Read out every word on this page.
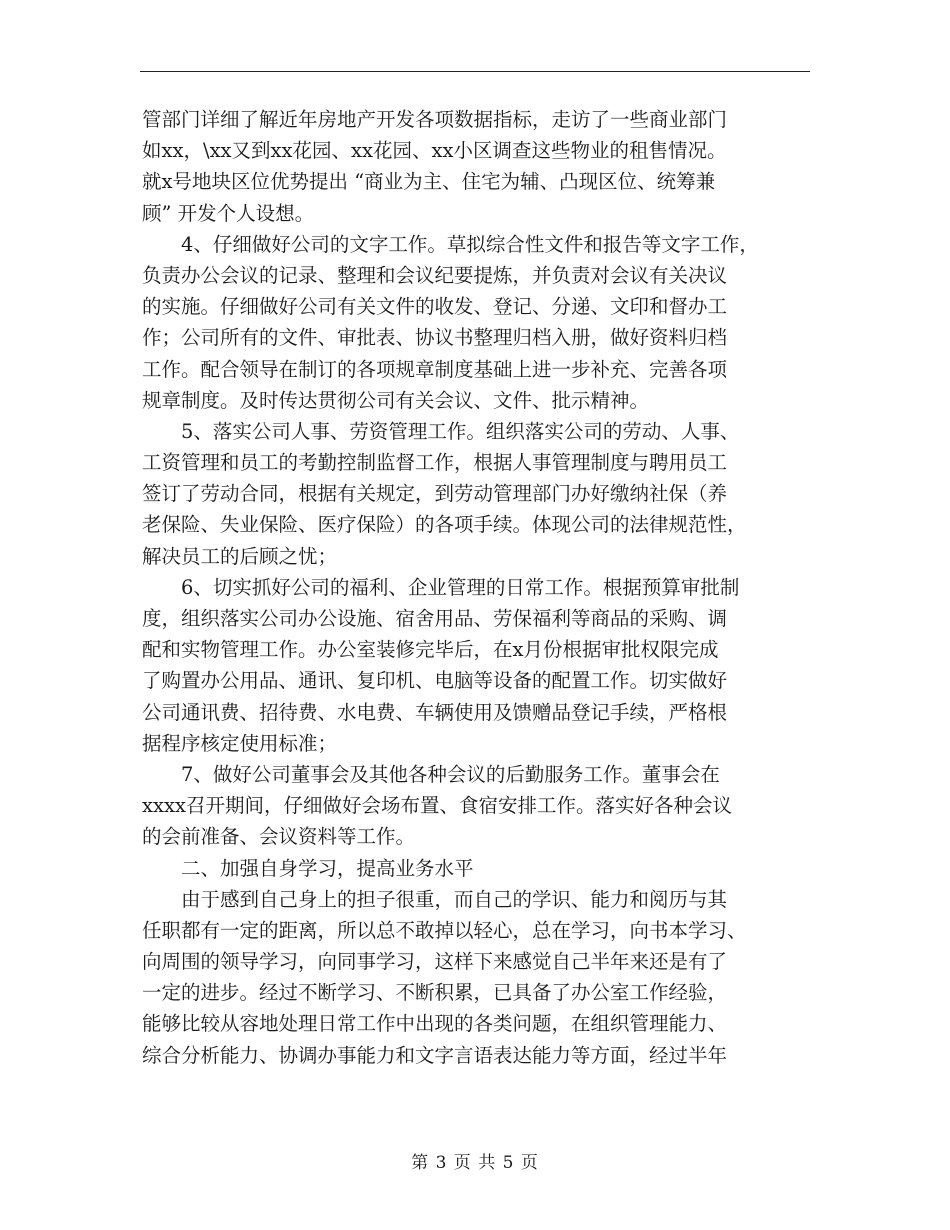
管部门详细了解近年房地产开发各项数据指标，走访了一些商业部门
如xx，\xx又到xx花园、xx花园、xx小区调查这些物业的租售情况。
就x号地块区位优势提出 “商业为主、住宅为辅、凸现区位、统筹兼
顾” 开发个人设想。
　　4、仔细做好公司的文字工作。草拟综合性文件和报告等文字工作，
负责办公会议的记录、整理和会议纪要提炼，并负责对会议有关决议
的实施。仔细做好公司有关文件的收发、登记、分递、文印和督办工
作；公司所有的文件、审批表、协议书整理归档入册，做好资料归档
工作。配合领导在制订的各项规章制度基础上进一步补充、完善各项
规章制度。及时传达贯彻公司有关会议、文件、批示精神。
　　5、落实公司人事、劳资管理工作。组织落实公司的劳动、人事、
工资管理和员工的考勤控制监督工作，根据人事管理制度与聘用员工
签订了劳动合同，根据有关规定，到劳动管理部门办好缴纳社保（养
老保险、失业保险、医疗保险）的各项手续。体现公司的法律规范性，
解决员工的后顾之忧；
　　6、切实抓好公司的福利、企业管理的日常工作。根据预算审批制
度，组织落实公司办公设施、宿舍用品、劳保福利等商品的采购、调
配和实物管理工作。办公室装修完毕后，在x月份根据审批权限完成
了购置办公用品、通讯、复印机、电脑等设备的配置工作。切实做好
公司通讯费、招待费、水电费、车辆使用及馈赠品登记手续，严格根
据程序核定使用标准；
　　7、做好公司董事会及其他各种会议的后勤服务工作。董事会在
xxxx召开期间，仔细做好会场布置、食宿安排工作。落实好各种会议
的会前准备、会议资料等工作。
　　二、加强自身学习，提高业务水平
　　由于感到自己身上的担子很重，而自己的学识、能力和阅历与其
任职都有一定的距离，所以总不敢掉以轻心，总在学习，向书本学习、
向周围的领导学习，向同事学习，这样下来感觉自己半年来还是有了
一定的进步。经过不断学习、不断积累，已具备了办公室工作经验，
能够比较从容地处理日常工作中出现的各类问题，在组织管理能力、
综合分析能力、协调办事能力和文字言语表达能力等方面，经过半年
第 3 页 共 5 页
